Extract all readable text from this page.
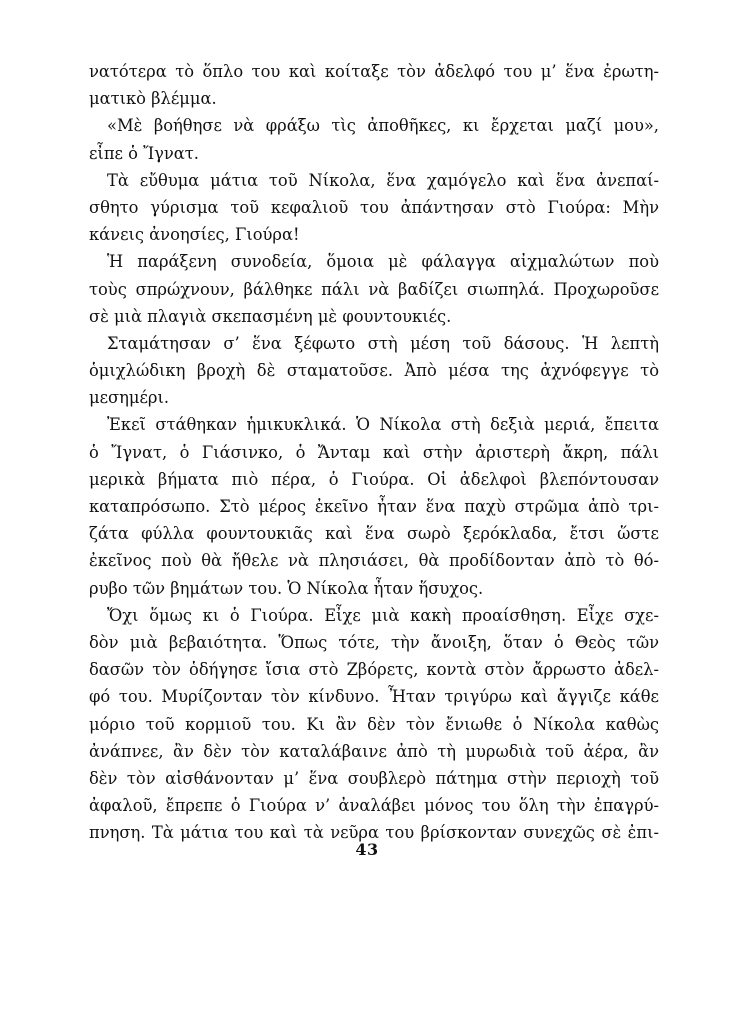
νατότερα τὸ ὅπλο του καὶ κοίταξε τὸν ἀδελφό του μ’ ἕνα ἐρωτη-
ματικὸ βλέμμα.
«Μὲ βοήθησε νὰ φράξω τὶς ἀποθῆκες, κι ἔρχεται μαζί μου»,
εἶπε ὁ Ἴγνατ.
Τὰ εὔθυμα μάτια τοῦ Νίκολα, ἕνα χαμόγελο καὶ ἕνα ἀνεπαί-
σθητο γύρισμα τοῦ κεφαλιοῦ του ἀπάντησαν στὸ Γιούρα: Μὴν
κάνεις ἀνοησίες, Γιούρα!
Ἡ παράξενη συνοδεία, ὅμοια μὲ φάλαγγα αἰχμαλώτων ποὺ
τοὺς σπρώχνουν, βάλθηκε πάλι νὰ βαδίζει σιωπηλά. Προχωροῦσε
σὲ μιὰ πλαγιὰ σκεπασμένη μὲ φουντουκιές.
Σταμάτησαν σ’ ἕνα ξέφωτο στὴ μέση τοῦ δάσους. Ἡ λεπτὴ
ὁμιχλώδικη βροχὴ δὲ σταματοῦσε. Ἀπὸ μέσα της ἀχνόφεγγε τὸ
μεσημέρι.
Ἐκεῖ στάθηκαν ἡμικυκλικά. Ὁ Νίκολα στὴ δεξιὰ μεριά, ἔπειτα
ὁ Ἴγνατ, ὁ Γιάσινκο, ὁ Ἄνταμ καὶ στὴν ἀριστερὴ ἄκρη, πάλι
μερικὰ βήματα πιὸ πέρα, ὁ Γιούρα. Οἱ ἀδελφοὶ βλεπόντουσαν
καταπρόσωπο. Στὸ μέρος ἐκεῖνο ἦταν ἕνα παχὺ στρῶμα ἀπὸ τρι-
ζάτα φύλλα φουντουκιᾶς καὶ ἕνα σωρὸ ξερόκλαδα, ἔτσι ὥστε
ἐκεῖνος ποὺ θὰ ἤθελε νὰ πλησιάσει, θὰ προδίδονταν ἀπὸ τὸ θό-
ρυβο τῶν βημάτων του. Ὁ Νίκολα ἦταν ἥσυχος.
Ὄχι ὅμως κι ὁ Γιούρα. Εἶχε μιὰ κακὴ προαίσθηση. Εἶχε σχε-
δὸν μιὰ βεβαιότητα. Ὅπως τότε, τὴν ἄνοιξη, ὅταν ὁ Θεὸς τῶν
δασῶν τὸν ὁδήγησε ἴσια στὸ Ζβόρετς, κοντὰ στὸν ἄρρωστο ἀδελ-
φό του. Μυρίζονταν τὸν κίνδυνο. Ἦταν τριγύρω καὶ ἄγγιζε κάθε
μόριο τοῦ κορμιοῦ του. Κι ἂν δὲν τὸν ἔνιωθε ὁ Νίκολα καθὼς
ἀνάπνεε, ἂν δὲν τὸν καταλάβαινε ἀπὸ τὴ μυρωδιὰ τοῦ ἀέρα, ἂν
δὲν τὸν αἰσθάνονταν μ’ ἕνα σουβλερὸ πάτημα στὴν περιοχὴ τοῦ
ἀφαλοῦ, ἔπρεπε ὁ Γιούρα ν’ ἀναλάβει μόνος του ὅλη τὴν ἐπαγρύ-
πνηση. Τὰ μάτια του καὶ τὰ νεῦρα του βρίσκονταν συνεχῶς σὲ ἐπι-
43
